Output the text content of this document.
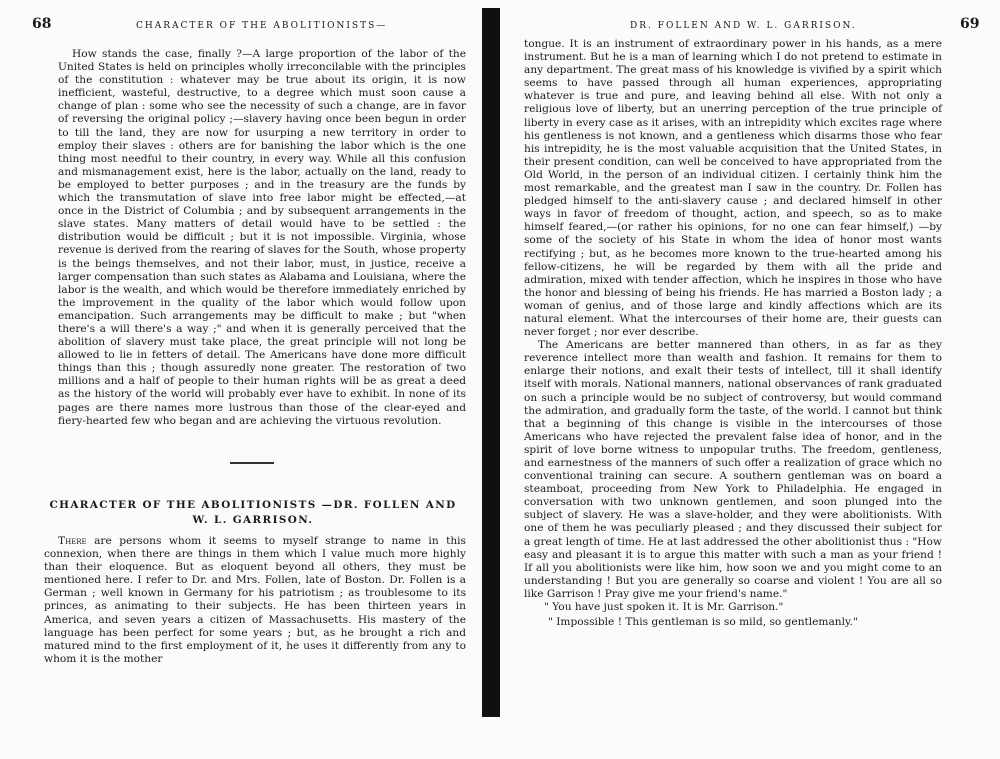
68	CHARACTER OF THE ABOLITIONISTS—

How stands the case, finally ?—A large proportion of the labor of the United States is held on principles wholly irreconcilable with the principles of the constitution : whatever may be true about its origin, it is now inefficient, wasteful, destructive, to a degree which must soon cause a change of plan : some who see the necessity of such a change, are in favor of reversing the original policy ;—slavery having once been begun in order to till the land, they are now for usurping a new territory in order to employ their slaves : others are for banishing the labor which is the one thing most needful to their country, in every way. While all this confusion and mismanagement exist, here is the labor, actually on the land, ready to be employed to better purposes ; and in the treasury are the funds by which the transmutation of slave into free labor might be effected,—at once in the District of Columbia ; and by subsequent arrangements in the slave states. Many matters of detail would have to be settled : the distribution would be difficult ; but it is not impossible. Virginia, whose revenue is derived from the rearing of slaves for the South, whose property is the beings themselves, and not their labor, must, in justice, receive a larger compensation than such states as Alabama and Louisiana, where the labor is the wealth, and which would be therefore immediately enriched by the improvement in the quality of the labor which would follow upon emancipation. Such arrangements may be difficult to make ; but "when there's a will there's a way ;" and when it is generally perceived that the abolition of slavery must take place, the great principle will not long be allowed to lie in fetters of detail. The Americans have done more difficult things than this ; though assuredly none greater. The restoration of two millions and a half of people to their human rights will be as great a deed as the history of the world will probably ever have to exhibit. In none of its pages are there names more lustrous than those of the clear-eyed and fiery-hearted few who began and are achieving the virtuous revolution.

CHARACTER OF THE ABOLITIONISTS —DR. FOLLEN AND W. L. GARRISON.

There are persons whom it seems to myself strange to name in this connexion, when there are things in them which I value much more highly than their eloquence. But as eloquent beyond all others, they must be mentioned here. I refer to Dr. and Mrs. Follen, late of Boston. Dr. Follen is a German ; well known in Germany for his patriotism ; as troublesome to its princes, as animating to their subjects. He has been thirteen years in America, and seven years a citizen of Massachusetts. His mastery of the language has been perfect for some years ; but, as he brought a rich and matured mind to the first employment of it, he uses it differently from any to whom it is the mother

DR. FOLLEN AND W. L. GARRISON.	69

tongue. It is an instrument of extraordinary power in his hands, as a mere instrument. But he is a man of learning which I do not pretend to estimate in any department. The great mass of his knowledge is vivified by a spirit which seems to have passed through all human experiences, appropriating whatever is true and pure, and leaving behind all else. With not only a religious love of liberty, but an unerring perception of the true principle of liberty in every case as it arises, with an intrepidity which excites rage where his gentleness is not known, and a gentleness which disarms those who fear his intrepidity, he is the most valuable acquisition that the United States, in their present condition, can well be conceived to have appropriated from the Old World, in the person of an individual citizen. I certainly think him the most remarkable, and the greatest man I saw in the country. Dr. Follen has pledged himself to the anti-slavery cause ; and declared himself in other ways in favor of freedom of thought, action, and speech, so as to make himself feared,—(or rather his opinions, for no one can fear himself,) —by some of the society of his State in whom the idea of honor most wants rectifying ; but, as he becomes more known to the true-hearted among his fellow-citizens, he will be regarded by them with all the pride and admiration, mixed with tender affection, which he inspires in those who have the honor and blessing of being his friends. He has married a Boston lady ; a woman of genius, and of those large and kindly affections which are its natural element. What the intercourses of their home are, their guests can never forget ; nor ever describe.

The Americans are better mannered than others, in as far as they reverence intellect more than wealth and fashion. It remains for them to enlarge their notions, and exalt their tests of intellect, till it shall identify itself with morals. National manners, national observances of rank graduated on such a principle would be no subject of controversy, but would command the admiration, and gradually form the taste, of the world. I cannot but think that a beginning of this change is visible in the intercourses of those Americans who have rejected the prevalent false idea of honor, and in the spirit of love borne witness to unpopular truths. The freedom, gentleness, and earnestness of the manners of such offer a realization of grace which no conventional training can secure. A southern gentleman was on board a steamboat, proceeding from New York to Philadelphia. He engaged in conversation with two unknown gentlemen, and soon plunged into the subject of slavery. He was a slave-holder, and they were abolitionists. With one of them he was peculiarly pleased ; and they discussed their subject for a great length of time. He at last addressed the other abolitionist thus : "How easy and pleasant it is to argue this matter with such a man as your friend ! If all you abolitionists were like him, how soon we and you might come to an understanding ! But you are generally so coarse and violent ! You are all so like Garrison ! Pray give me your friend's name."

" You have just spoken it. It is Mr. Garrison."

" Impossible ! This gentleman is so mild, so gentlemanly."
